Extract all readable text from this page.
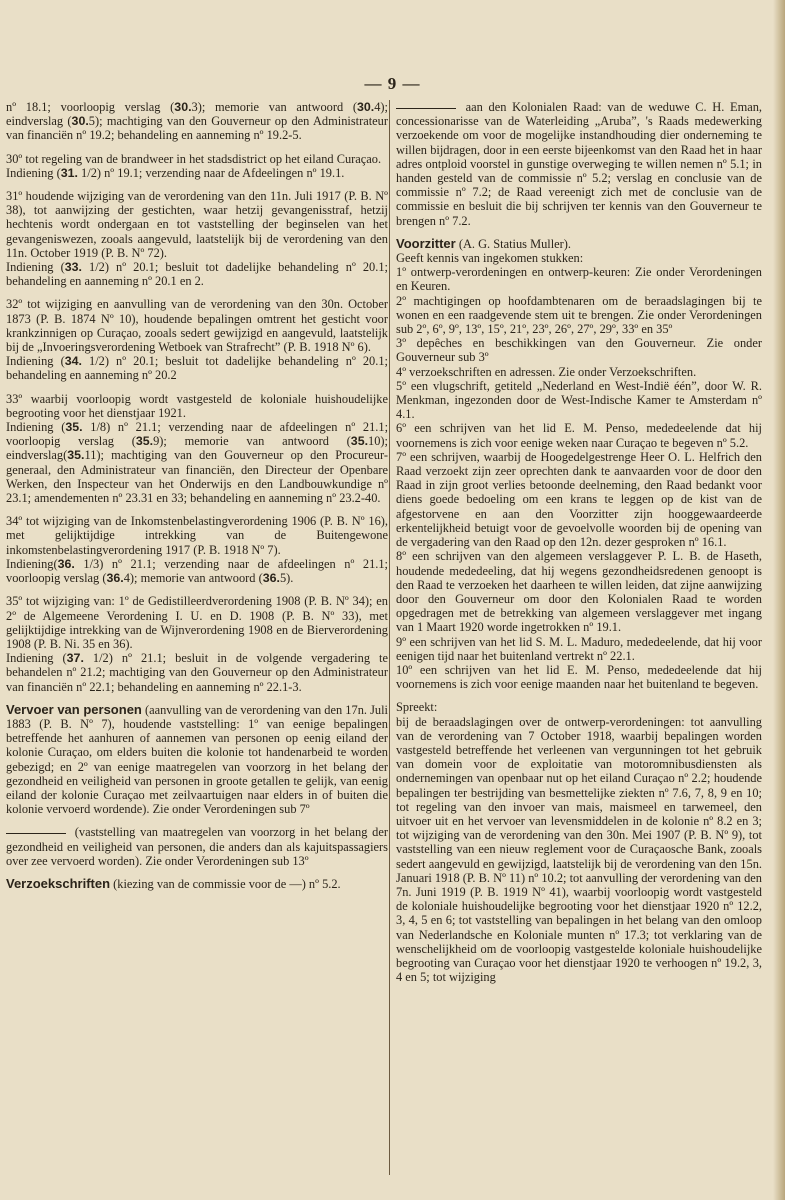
— 9 —

nº 18.1; voorloopig verslag (30.3); memorie van antwoord (30.4); eindverslag (30.5); machtiging van den Gouverneur op den Administrateur van financiën nº 19.2; behandeling en aanneming nº 19.2-5.

30º tot regeling van de brandweer in het stadsdistrict op het eiland Curaçao.

Indiening (31. 1/2) nº 19.1; verzending naar de Afdeelingen nº 19.1.

31º houdende wijziging van de verordening van den 11n. Juli 1917 (P. B. Nº 38), tot aanwijzing der gestichten, waar hetzij gevangenisstraf, hetzij hechtenis wordt ondergaan en tot vaststelling der beginselen van het gevangeniswezen, zooals aangevuld, laatstelijk bij de verordening van den 11n. October 1919 (P. B. Nº 72).

Indiening (33. 1/2) nº 20.1; besluit tot dadelijke behandeling nº 20.1; behandeling en aanneming nº 20.1 en 2.

32º tot wijziging en aanvulling van de verordening van den 30n. October 1873 (P. B. 1874 Nº 10), houdende bepalingen omtrent het gesticht voor krankzinnigen op Curaçao, zooals sedert gewijzigd en aangevuld, laatstelijk bij de „Invoeringsverordening Wetboek van Strafrecht” (P. B. 1918 Nº 6).

Indiening (34. 1/2) nº 20.1; besluit tot dadelijke behandeling nº 20.1; behandeling en aanneming nº 20.2

33º waarbij voorloopig wordt vastgesteld de koloniale huishoudelijke begrooting voor het dienstjaar 1921.

Indiening (35. 1/8) nº 21.1; verzending naar de afdeelingen nº 21.1; voorloopig verslag (35.9); memorie van antwoord (35.10); eindverslag(35.11); machtiging van den Gouverneur op den Procureur-generaal, den Administrateur van financiën, den Directeur der Openbare Werken, den Inspecteur van het Onderwijs en den Landbouwkundige nº 23.1; amendementen nº 23.31 en 33; behandeling en aanneming nº 23.2-40.

34º tot wijziging van de Inkomstenbelastingverordening 1906 (P. B. Nº 16), met gelijktijdige intrekking van de Buitengewone inkomstenbelastingverordening 1917 (P. B. 1918 Nº 7).

Indiening(36. 1/3) nº 21.1; verzending naar de afdeelingen nº 21.1; voorloopig verslag (36.4); memorie van antwoord (36.5).

35º tot wijziging van: 1º de Gedistilleerdverordening 1908 (P. B. Nº 34); en 2º de Algemeene Verordening I. U. en D. 1908 (P. B. Nº 33), met gelijktijdige intrekking van de Wijnverordening 1908 en de Bierverordening 1908 (P. B. Ni. 35 en 36).

Indiening (37. 1/2) nº 21.1; besluit in de volgende vergadering te behandelen nº 21.2; machtiging van den Gouverneur op den Administrateur van financiën nº 22.1; behandeling en aanneming nº 22.1-3.

Vervoer van personen (aanvulling van de verordening van den 17n. Juli 1883 (P. B. Nº 7), houdende vaststelling: 1º van eenige bepalingen betreffende het aanhuren of aannemen van personen op eenig eiland der kolonie Curaçao, om elders buiten die kolonie tot handenarbeid te worden gebezigd; en 2º van eenige maatregelen van voorzorg in het belang der gezondheid en veiligheid van personen in groote getallen te gelijk, van eenig eiland der kolonie Curaçao met zeilvaartuigen naar elders in of buiten die kolonie vervoerd wordende). Zie onder Verordeningen sub 7º

(vaststelling van maatregelen van voorzorg in het belang der gezondheid en veiligheid van personen, die anders dan als kajuitspassagiers over zee vervoerd worden). Zie onder Verordeningen sub 13º

Verzoekschriften (kiezing van de commissie voor de —) nº 5.2.

aan den Kolonialen Raad: van de weduwe C. H. Eman, concessionarisse van de Waterleiding „Aruba”, 's Raads medewerking verzoekende om voor de mogelijke instandhouding dier onderneming te willen bijdragen, door in een eerste bijeenkomst van den Raad het in haar adres ontploid voorstel in gunstige overweging te willen nemen nº 5.1; in handen gesteld van de commissie nº 5.2; verslag en conclusie van de commissie nº 7.2; de Raad vereenigt zich met de conclusie van de commissie en besluit die bij schrijven ter kennis van den Gouverneur te brengen nº 7.2.

Voorzitter (A. G. Statius Muller).

Geeft kennis van ingekomen stukken:

1º ontwerp-verordeningen en ontwerp-keuren: Zie onder Verordeningen en Keuren.

2º machtigingen op hoofdambtenaren om de beraadslagingen bij te wonen en een raadgevende stem uit te brengen. Zie onder Verordeningen sub 2º, 6º, 9º, 13º, 15º, 21º, 23º, 26º, 27º, 29º, 33º en 35º

3º depêches en beschikkingen van den Gouverneur. Zie onder Gouverneur sub 3º

4º verzoekschriften en adressen. Zie onder Verzoekschriften.

5º een vlugschrift, getiteld „Nederland en West-Indië één”, door W. R. Menkman, ingezonden door de West-Indische Kamer te Amsterdam nº 4.1.

6º een schrijven van het lid E. M. Penso, mededeelende dat hij voornemens is zich voor eenige weken naar Curaçao te begeven nº 5.2.

7º een schrijven, waarbij de Hoogedelgestrenge Heer O. L. Helfrich den Raad verzoekt zijn zeer oprechten dank te aanvaarden voor de door den Raad in zijn groot verlies betoonde deelneming, den Raad bedankt voor diens goede bedoeling om een krans te leggen op de kist van de afgestorvene en aan den Voorzitter zijn hooggewaardeerde erkentelijkheid betuigt voor de gevoelvolle woorden bij de opening van de vergadering van den Raad op den 12n. dezer gesproken nº 16.1.

8º een schrijven van den algemeen verslaggever P. L. B. de Haseth, houdende mededeeling, dat hij wegens gezondheidsredenen genoopt is den Raad te verzoeken het daarheen te willen leiden, dat zijne aanwijzing door den Gouverneur om door den Kolonialen Raad te worden opgedragen met de betrekking van algemeen verslaggever met ingang van 1 Maart 1920 worde ingetrokken nº 19.1.

9º een schrijven van het lid S. M. L. Maduro, mededeelende, dat hij voor eenigen tijd naar het buitenland vertrekt nº 22.1.

10º een schrijven van het lid E. M. Penso, mededeelende dat hij voornemens is zich voor eenige maanden naar het buitenland te begeven.

Spreekt:

bij de beraadslagingen over de ontwerp-verordeningen: tot aanvulling van de verordening van 7 October 1918, waarbij bepalingen worden vastgesteld betreffende het verleenen van vergunningen tot het gebruik van domein voor de exploitatie van motoromnibusdiensten als ondernemingen van openbaar nut op het eiland Curaçao nº 2.2; houdende bepalingen ter bestrijding van besmettelijke ziekten nº 7.6, 7, 8, 9 en 10; tot regeling van den invoer van mais, maismeel en tarwemeel, den uitvoer uit en het vervoer van levensmiddelen in de kolonie nº 8.2 en 3; tot wijziging van de verordening van den 30n. Mei 1907 (P. B. Nº 9), tot vaststelling van een nieuw reglement voor de Curaçaosche Bank, zooals sedert aangevuld en gewijzigd, laatstelijk bij de verordening van den 15n. Januari 1918 (P. B. Nº 11) nº 10.2; tot aanvulling der verordening van den 7n. Juni 1919 (P. B. 1919 Nº 41), waarbij voorloopig wordt vastgesteld de koloniale huishoudelijke begrooting voor het dienstjaar 1920 nº 12.2, 3, 4, 5 en 6; tot vaststelling van bepalingen in het belang van den omloop van Nederlandsche en Koloniale munten nº 17.3; tot verklaring van de wenschelijkheid om de voorloopig vastgestelde koloniale huishoudelijke begrooting van Curaçao voor het dienstjaar 1920 te verhoogen nº 19.2, 3, 4 en 5; tot wijziging
